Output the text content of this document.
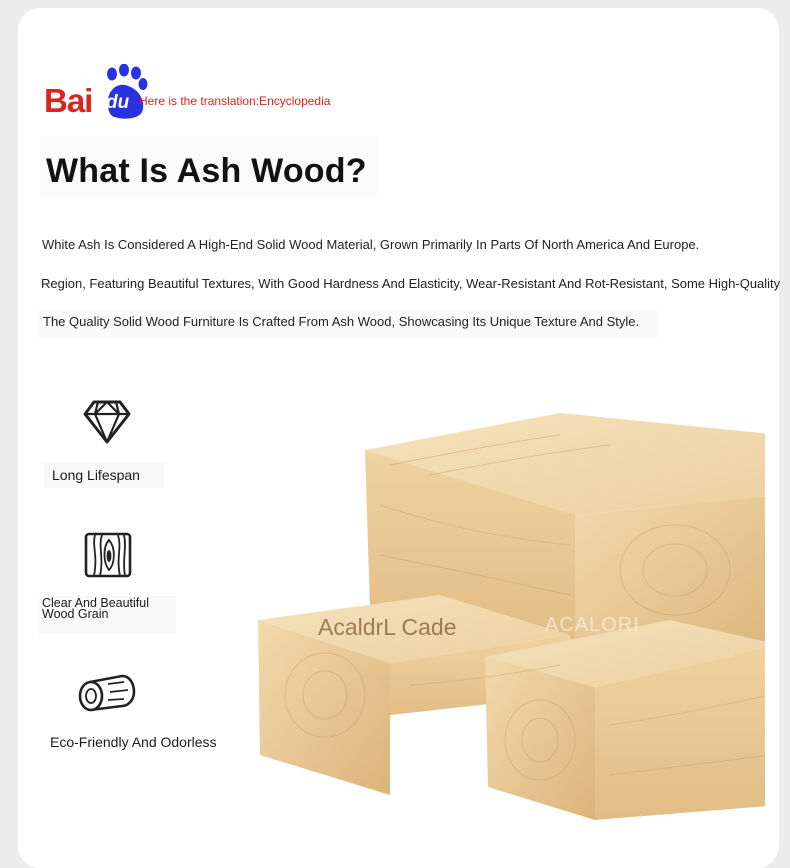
Bai du Here is the translation:Encyclopedia
What Is Ash Wood?

White Ash Is Considered A High-End Solid Wood Material, Grown Primarily In Parts Of North America And Europe.

Region, Featuring Beautiful Textures, With Good Hardness And Elasticity, Wear-Resistant And Rot-Resistant, Some High-Quality

The Quality Solid Wood Furniture Is Crafted From Ash Wood, Showcasing Its Unique Texture And Style.

AcaldrL Cade	ACALORI
Long Lifespan
Clear And Beautiful Wood Grain
Eco-Friendly And Odorless
